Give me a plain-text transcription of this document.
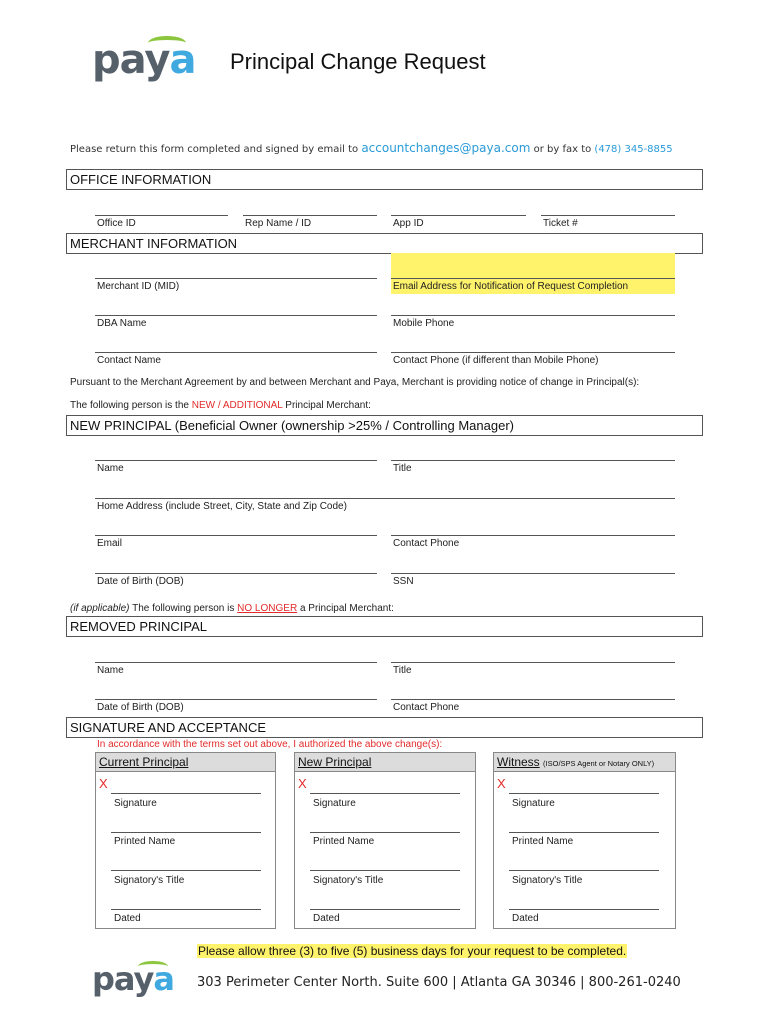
paya Principal Change Request
Please return this form completed and signed by email to accountchanges@paya.com or by fax to (478) 345-8855
OFFICE INFORMATION
Office ID	Rep Name / ID	App ID	Ticket #
MERCHANT INFORMATION
Merchant ID (MID)	Email Address for Notification of Request Completion
DBA Name	Mobile Phone
Contact Name	Contact Phone (if different than Mobile Phone)
Pursuant to the Merchant Agreement by and between Merchant and Paya, Merchant is providing notice of change in Principal(s):
The following person is the NEW / ADDITIONAL Principal Merchant:
NEW PRINCIPAL (Beneficial Owner (ownership >25% / Controlling Manager)
Name	Title
Home Address (include Street, City, State and Zip Code)
Email	Contact Phone
Date of Birth (DOB)	SSN
(if applicable) The following person is NO LONGER a Principal Merchant:
REMOVED PRINCIPAL
Name	Title
Date of Birth (DOB)	Contact Phone
SIGNATURE AND ACCEPTANCE
In accordance with the terms set out above, I authorized the above change(s):
Current Principal	New Principal	Witness (ISO/SPS Agent or Notary ONLY)
X
Signature
Printed Name
Signatory's Title
Dated
X
Signature
Printed Name
Signatory's Title
Dated
X
Signature
Printed Name
Signatory's Title
Dated
Please allow three (3) to five (5) business days for your request to be completed.
paya 303 Perimeter Center North. Suite 600 | Atlanta GA 30346 | 800-261-0240
